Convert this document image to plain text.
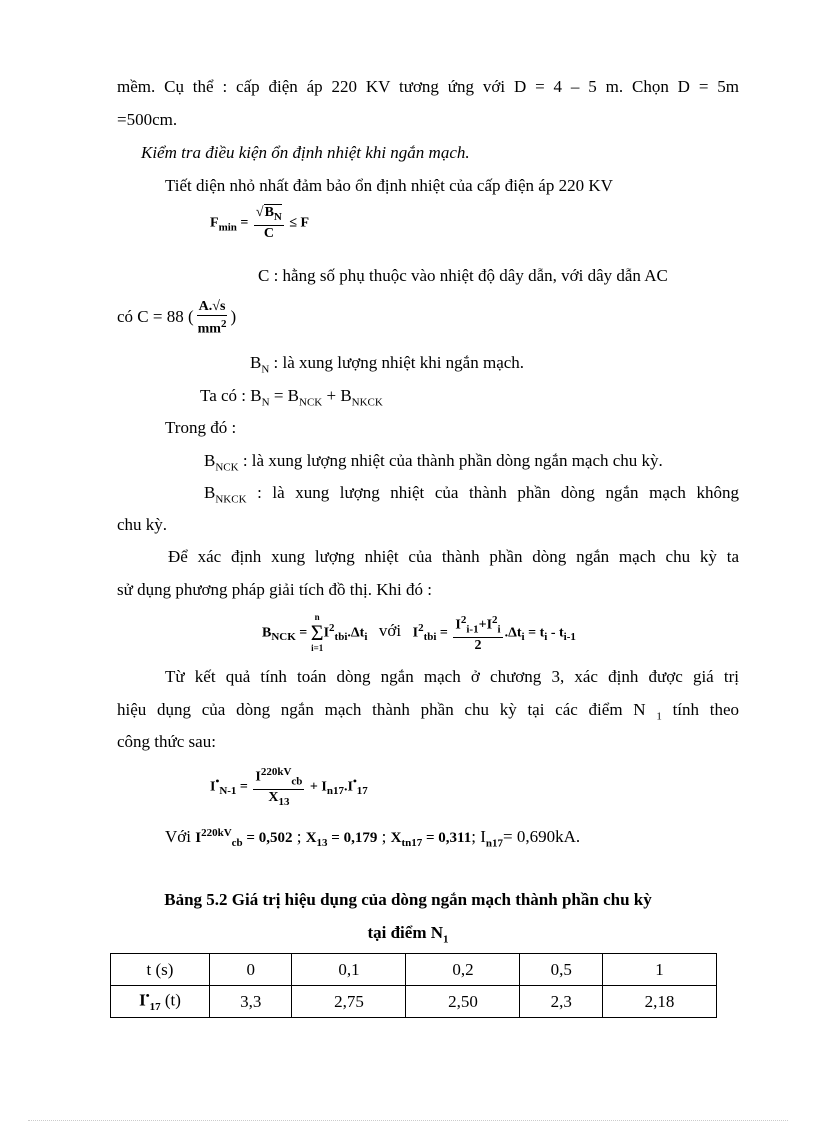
mềm. Cụ thể : cấp điện áp 220 KV tương ứng với D = 4 – 5 m. Chọn D = 5m
=500cm.
Kiểm tra điều kiện ổn định nhiệt khi ngắn mạch.
Tiết diện nhỏ nhất đảm bảo ổn định nhiệt của cấp điện áp 220 KV
$F_{min} = \frac{√B_N}{C} \le F$
C : hằng số phụ thuộc vào nhiệt độ dây dẫn, với dây dẫn AC
có C = 88 ( $\frac{A.√s}{mm^2}$ )
$B_N$ : là xung lượng nhiệt khi ngắn mạch.
Ta có : $B_N = B_{NCK} + B_{NKCK}$
Trong đó :
$B_{NCK}$ : là xung lượng nhiệt của thành phần dòng ngắn mạch chu kỳ.
$B_{NKCK}$ : là xung lượng nhiệt của thành phần dòng ngắn mạch không
chu kỳ.
Để xác định xung lượng nhiệt của thành phần dòng ngắn mạch chu kỳ ta
sử dụng phương pháp giải tích đồ thị. Khi đó :
$B_{NCK}$ =
n
Σ
i=1
$I^2_{tbi}.\Delta t_i$ với $I^2_{tbi} = \frac{I^2_{i-1}+I^2_i}{2} .\Delta t_i = t_i - t_{i-1}$
Từ kết quả tính toán dòng ngắn mạch ở chương 3, xác định được giá trị
hiệu dụng của dòng ngắn mạch thành phần chu kỳ tại các điểm N $_1$ tính theo
công thức sau:
$I^•_{N-1} = \frac{I^{220kV}_{cb}}{X_{13}} + I_{n17}.I^•_{17}$
Với $I^{220kV}_{cb} = 0,502$ ; $X_{13} = 0,179$ ; $X_{tn17} = 0,311$; $I_{n17}= 0,690kA$.
Bảng 5.2 Giá trị hiệu dụng của dòng ngắn mạch thành phần chu kỳ
tại điểm $N_1$
t (s)	0	0,1	0,2	0,5	1
$I^•_{17}$ (t)	3,3	2,75	2,50	2,3	2,18
